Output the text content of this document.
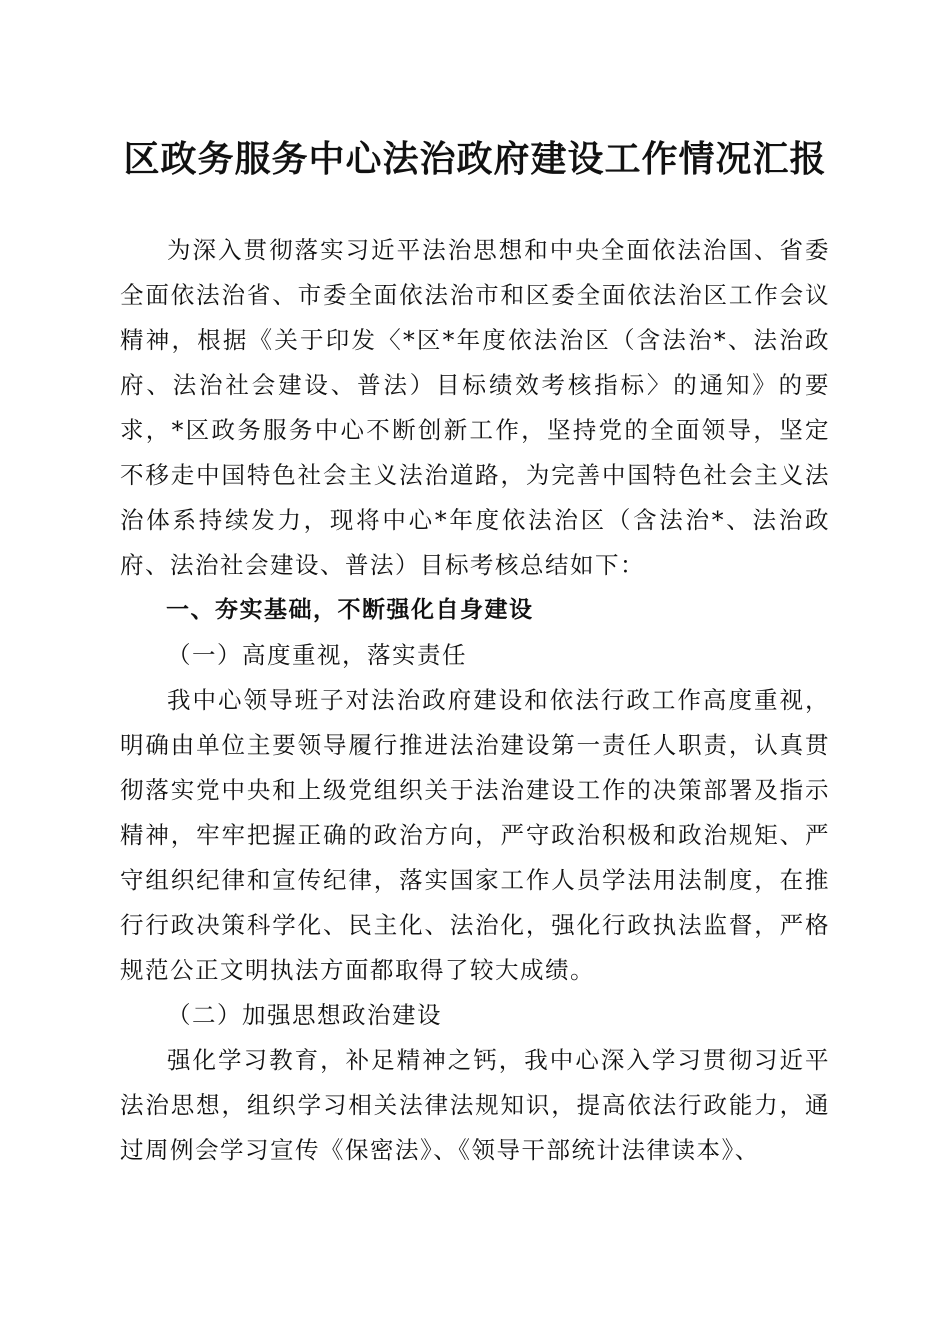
区政务服务中心法治政府建设工作情况汇报

为深入贯彻落实习近平法治思想和中央全面依法治国、省委全面依法治省、市委全面依法治市和区委全面依法治区工作会议精神，根据《关于印发〈*区*年度依法治区（含法治*、法治政府、法治社会建设、普法）目标绩效考核指标〉的通知》的要求，*区政务服务中心不断创新工作，坚持党的全面领导，坚定不移走中国特色社会主义法治道路，为完善中国特色社会主义法治体系持续发力，现将中心*年度依法治区（含法治*、法治政府、法治社会建设、普法）目标考核总结如下：

一、夯实基础，不断强化自身建设
（一）高度重视，落实责任

我中心领导班子对法治政府建设和依法行政工作高度重视，明确由单位主要领导履行推进法治建设第一责任人职责，认真贯彻落实党中央和上级党组织关于法治建设工作的决策部署及指示精神，牢牢把握正确的政治方向，严守政治积极和政治规矩、严守组织纪律和宣传纪律，落实国家工作人员学法用法制度，在推行行政决策科学化、民主化、法治化，强化行政执法监督，严格规范公正文明执法方面都取得了较大成绩。

（二）加强思想政治建设

强化学习教育，补足精神之钙，我中心深入学习贯彻习近平法治思想，组织学习相关法律法规知识，提高依法行政能力，通过周例会学习宣传《保密法》、《领导干部统计法律读本》、
